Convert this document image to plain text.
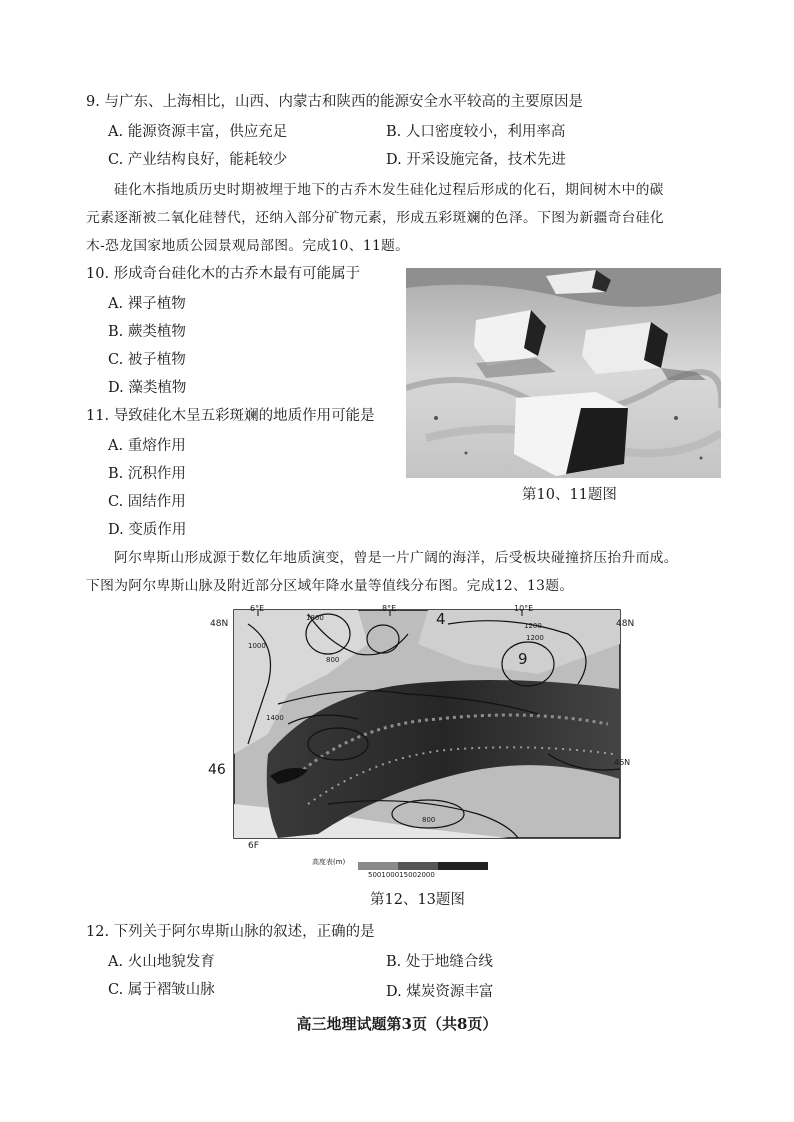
9. 与广东、上海相比，山西、内蒙古和陕西的能源安全水平较高的主要原因是
A. 能源资源丰富，供应充足	B. 人口密度较小，利用率高
C. 产业结构良好，能耗较少	D. 开采设施完备，技术先进
硅化木指地质历史时期被埋于地下的古乔木发生硅化过程后形成的化石，期间树木中的碳
元素逐渐被二氧化硅替代，还纳入部分矿物元素，形成五彩斑斓的色泽。下图为新疆奇台硅化
木-恐龙国家地质公园景观局部图。完成10、11题。
10. 形成奇台硅化木的古乔木最有可能属于
A. 裸子植物
B. 蕨类植物
C. 被子植物
D. 藻类植物
11. 导致硅化木呈五彩斑斓的地质作用可能是
A. 重熔作用
B. 沉积作用
C. 固结作用
D. 变质作用
第10、11题图
阿尔卑斯山形成源于数亿年地质演变，曾是一片广阔的海洋，后受板块碰撞挤压抬升而成。
下图为阿尔卑斯山脉及附近部分区域年降水量等值线分布图。完成12、13题。
6°E	8°E	10°E
48N	48N
46	46N
6F
4
9
1800
1200
800
1000
1200
1400
800
高度表(m)
500100015002000
第12、13题图
12. 下列关于阿尔卑斯山脉的叙述，正确的是
A. 火山地貌发育	B. 处于地缝合线
C. 属于褶皱山脉	D. 煤炭资源丰富
高三地理试题第3页（共8页）
